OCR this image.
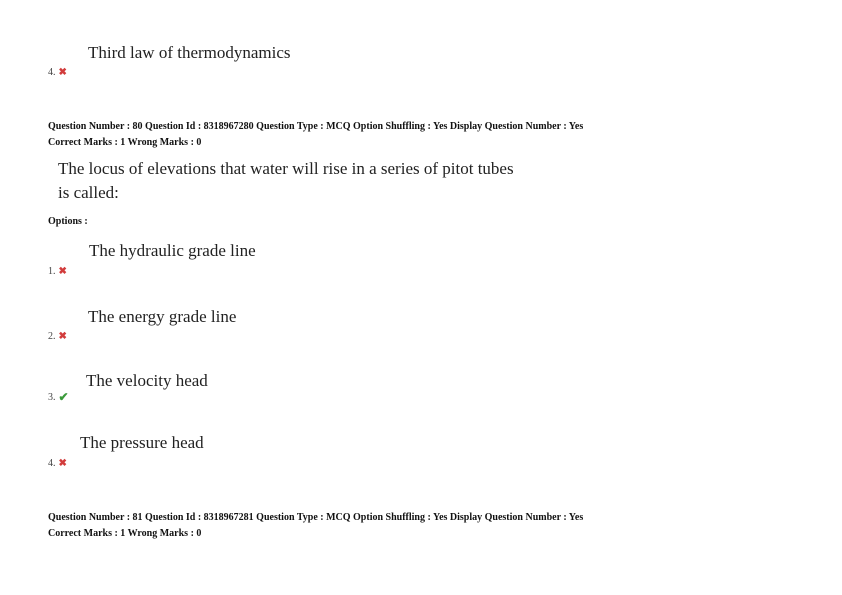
Third law of thermodynamics
4. ✖
Question Number : 80 Question Id : 8318967280 Question Type : MCQ Option Shuffling : Yes Display Question Number : Yes
Correct Marks : 1 Wrong Marks : 0
The locus of elevations that water will rise in a series of pitot tubes
is called:
Options :
The hydraulic grade line
1. ✖
The energy grade line
2. ✖
The velocity head
3. ✔
The pressure head
4. ✖
Question Number : 81 Question Id : 8318967281 Question Type : MCQ Option Shuffling : Yes Display Question Number : Yes
Correct Marks : 1 Wrong Marks : 0
